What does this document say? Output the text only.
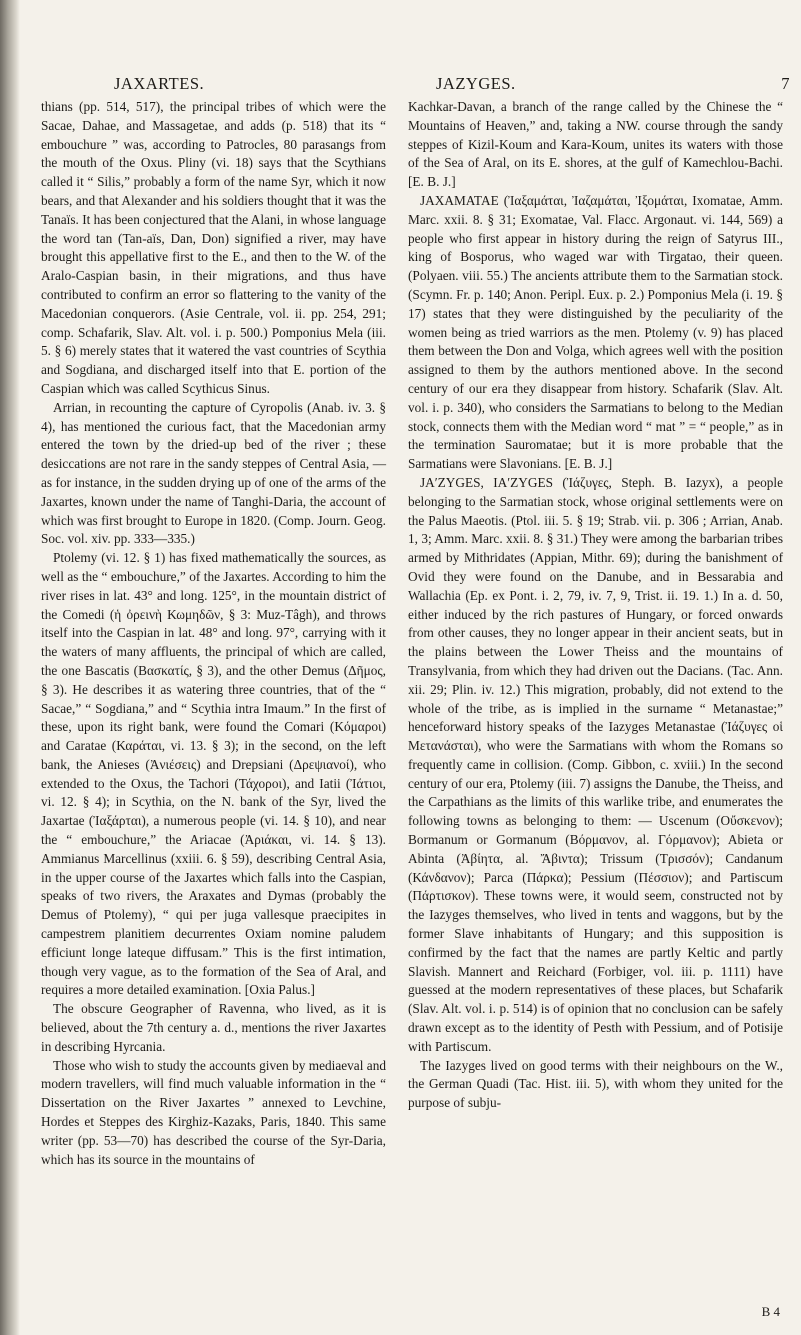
JAXARTES.	JAZYGES.	7

thians (pp. 514, 517), the principal tribes of which were the Sacae, Dahae, and Massagetae, and adds (p. 518) that its “ embouchure ” was, according to Patrocles, 80 parasangs from the mouth of the Oxus. Pliny (vi. 18) says that the Scythians called it “ Silis,” probably a form of the name Syr, which it now bears, and that Alexander and his soldiers thought that it was the Tanaïs. It has been conjectured that the Alani, in whose language the word tan (Tan-aïs, Dan, Don) signified a river, may have brought this appellative first to the E., and then to the W. of the Aralo-Caspian basin, in their migrations, and thus have contributed to confirm an error so flattering to the vanity of the Macedonian conquerors. (Asie Centrale, vol. ii. pp. 254, 291; comp. Schafarik, Slav. Alt. vol. i. p. 500.) Pomponius Mela (iii. 5. § 6) merely states that it watered the vast countries of Scythia and Sogdiana, and discharged itself into that E. portion of the Caspian which was called Scythicus Sinus.

Arrian, in recounting the capture of Cyropolis (Anab. iv. 3. § 4), has mentioned the curious fact, that the Macedonian army entered the town by the dried-up bed of the river ; these desiccations are not rare in the sandy steppes of Central Asia, — as for instance, in the sudden drying up of one of the arms of the Jaxartes, known under the name of Tanghi-Daria, the account of which was first brought to Europe in 1820. (Comp. Journ. Geog. Soc. vol. xiv. pp. 333—335.)

Ptolemy (vi. 12. § 1) has fixed mathematically the sources, as well as the “ embouchure,” of the Jaxartes. According to him the river rises in lat. 43° and long. 125°, in the mountain district of the Comedi (ἡ ὀρεινὴ Κωμηδῶν, § 3: Muz-Tâgh), and throws itself into the Caspian in lat. 48° and long. 97°, carrying with it the waters of many affluents, the principal of which are called, the one Bascatis (Βασκατίς, § 3), and the other Demus (Δῆμος, § 3). He describes it as watering three countries, that of the “ Sacae,” “ Sogdiana,” and “ Scythia intra Imaum.” In the first of these, upon its right bank, were found the Comari (Κόμαροι) and Caratae (Καράται, vi. 13. § 3); in the second, on the left bank, the Anieses (Ἀνιέσεις) and Drepsiani (Δρεψιανοί), who extended to the Oxus, the Tachori (Τάχοροι), and Iatii (Ἰάτιοι, vi. 12. § 4); in Scythia, on the N. bank of the Syr, lived the Jaxartae (Ἰαξάρται), a numerous people (vi. 14. § 10), and near the “ embouchure,” the Ariacae (Ἀριάκαι, vi. 14. § 13). Ammianus Marcellinus (xxiii. 6. § 59), describing Central Asia, in the upper course of the Jaxartes which falls into the Caspian, speaks of two rivers, the Araxates and Dymas (probably the Demus of Ptolemy), “ qui per juga vallesque praecipites in campestrem planitiem decurrentes Oxiam nomine paludem efficiunt longe lateque diffusam.” This is the first intimation, though very vague, as to the formation of the Sea of Aral, and requires a more detailed examination. [Oxia Palus.]

The obscure Geographer of Ravenna, who lived, as it is believed, about the 7th century a. d., mentions the river Jaxartes in describing Hyrcania.

Those who wish to study the accounts given by mediaeval and modern travellers, will find much valuable information in the “ Dissertation on the River Jaxartes ” annexed to Levchine, Hordes et Steppes des Kirghiz-Kazaks, Paris, 1840. This same writer (pp. 53—70) has described the course of the Syr-Daria, which has its source in the mountains of

Kachkar-Davan, a branch of the range called by the Chinese the “ Mountains of Heaven,” and, taking a NW. course through the sandy steppes of Kizil-Koum and Kara-Koum, unites its waters with those of the Sea of Aral, on its E. shores, at the gulf of Kamechlou-Bachi. [E. B. J.]

JAXAMATAE (Ἰαξαμάται, Ἰαζαμάται, Ἰξομάται, Ixomatae, Amm. Marc. xxii. 8. § 31; Exomatae, Val. Flacc. Argonaut. vi. 144, 569) a people who first appear in history during the reign of Satyrus III., king of Bosporus, who waged war with Tirgatao, their queen. (Polyaen. viii. 55.) The ancients attribute them to the Sarmatian stock. (Scymn. Fr. p. 140; Anon. Peripl. Eux. p. 2.) Pomponius Mela (i. 19. § 17) states that they were distinguished by the peculiarity of the women being as tried warriors as the men. Ptolemy (v. 9) has placed them between the Don and Volga, which agrees well with the position assigned to them by the authors mentioned above. In the second century of our era they disappear from history. Schafarik (Slav. Alt. vol. i. p. 340), who considers the Sarmatians to belong to the Median stock, connects them with the Median word “ mat ” = “ people,” as in the termination Sauromatae; but it is more probable that the Sarmatians were Slavonians. [E. B. J.]

JA′ZYGES, IA′ZYGES (Ἰάζυγες, Steph. B. Iazyx), a people belonging to the Sarmatian stock, whose original settlements were on the Palus Maeotis. (Ptol. iii. 5. § 19; Strab. vii. p. 306 ; Arrian, Anab. 1, 3; Amm. Marc. xxii. 8. § 31.) They were among the barbarian tribes armed by Mithridates (Appian, Mithr. 69); during the banishment of Ovid they were found on the Danube, and in Bessarabia and Wallachia (Ep. ex Pont. i. 2, 79, iv. 7, 9, Trist. ii. 19. 1.) In a. d. 50, either induced by the rich pastures of Hungary, or forced onwards from other causes, they no longer appear in their ancient seats, but in the plains between the Lower Theiss and the mountains of Transylvania, from which they had driven out the Dacians. (Tac. Ann. xii. 29; Plin. iv. 12.) This migration, probably, did not extend to the whole of the tribe, as is implied in the surname “ Metanastae;” henceforward history speaks of the Iazyges Metanastae (Ἰάζυγες οἱ Μετανάσται), who were the Sarmatians with whom the Romans so frequently came in collision. (Comp. Gibbon, c. xviii.) In the second century of our era, Ptolemy (iii. 7) assigns the Danube, the Theiss, and the Carpathians as the limits of this warlike tribe, and enumerates the following towns as belonging to them: — Uscenum (Οὔσκενον); Bormanum or Gormanum (Βόρμανον, al. Γόρμανον); Abieta or Abinta (Ἀβίητα, al. Ἄβιντα); Trissum (Τρισσόν); Candanum (Κάνδανον); Parca (Πάρκα); Pessium (Πέσσιον); and Partiscum (Πάρτισκον). These towns were, it would seem, constructed not by the Iazyges themselves, who lived in tents and waggons, but by the former Slave inhabitants of Hungary; and this supposition is confirmed by the fact that the names are partly Keltic and partly Slavish. Mannert and Reichard (Forbiger, vol. iii. p. 1111) have guessed at the modern representatives of these places, but Schafarik (Slav. Alt. vol. i. p. 514) is of opinion that no conclusion can be safely drawn except as to the identity of Pesth with Pessium, and of Potisije with Partiscum.

The Iazyges lived on good terms with their neighbours on the W., the German Quadi (Tac. Hist. iii. 5), with whom they united for the purpose of subju-

B 4
